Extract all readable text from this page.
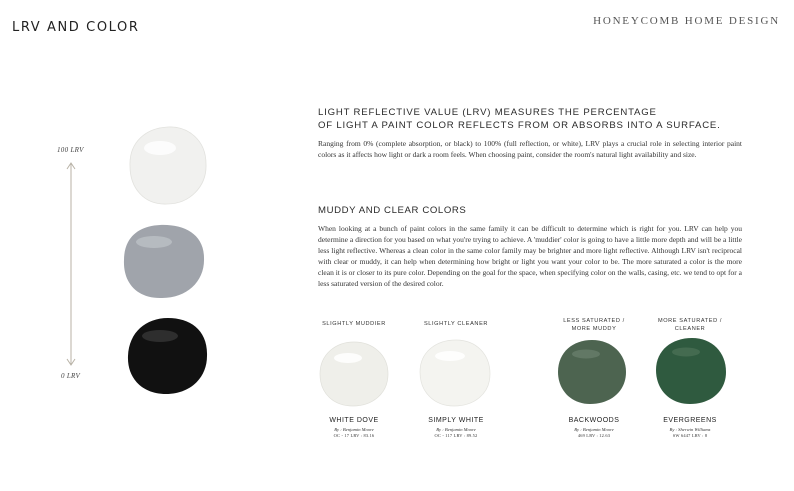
LRV AND COLOR	HONEYCOMB HOME DESIGN
100 LRV
0 LRV
LIGHT REFLECTIVE VALUE (LRV) MEASURES THE PERCENTAGE
OF LIGHT A PAINT COLOR REFLECTS FROM OR ABSORBS INTO A SURFACE.
Ranging from 0% (complete absorption, or black) to 100% (full reflection, or white), LRV plays a crucial role in selecting interior paint colors as it affects how light or dark a room feels. When choosing paint, consider the room's natural light availability and size.
MUDDY AND CLEAR COLORS
When looking at a bunch of paint colors in the same family it can be difficult to determine which is right for you. LRV can help you determine a direction for you based on what you're trying to achieve. A 'muddier' color is going to have a little more depth and will be a little less light reflective. Whereas a clean color in the same color family may be brighter and more light reflective. Although LRV isn't reciprocal with clear or muddy, it can help when determining how bright or light you want your color to be. The more saturated a color is the more clean it is or closer to its pure color. Depending on the goal for the space, when specifying color on the walls, casing, etc. we tend to opt for a less saturated version of the desired color.
SLIGHTLY MUDDIER
WHITE DOVE
By : Benjamin Moore
OC - 17 LRV : 83.16
SLIGHTLY CLEANER
SIMPLY WHITE
By : Benjamin Moore
OC - 117 LRV : 89.52
LESS SATURATED /
MORE MUDDY
BACKWOODS
By : Benjamin Moore
469 LRV : 12.63
MORE SATURATED /
CLEANER
EVERGREENS
By : Sherwin Williams
SW 6447 LRV : 8
